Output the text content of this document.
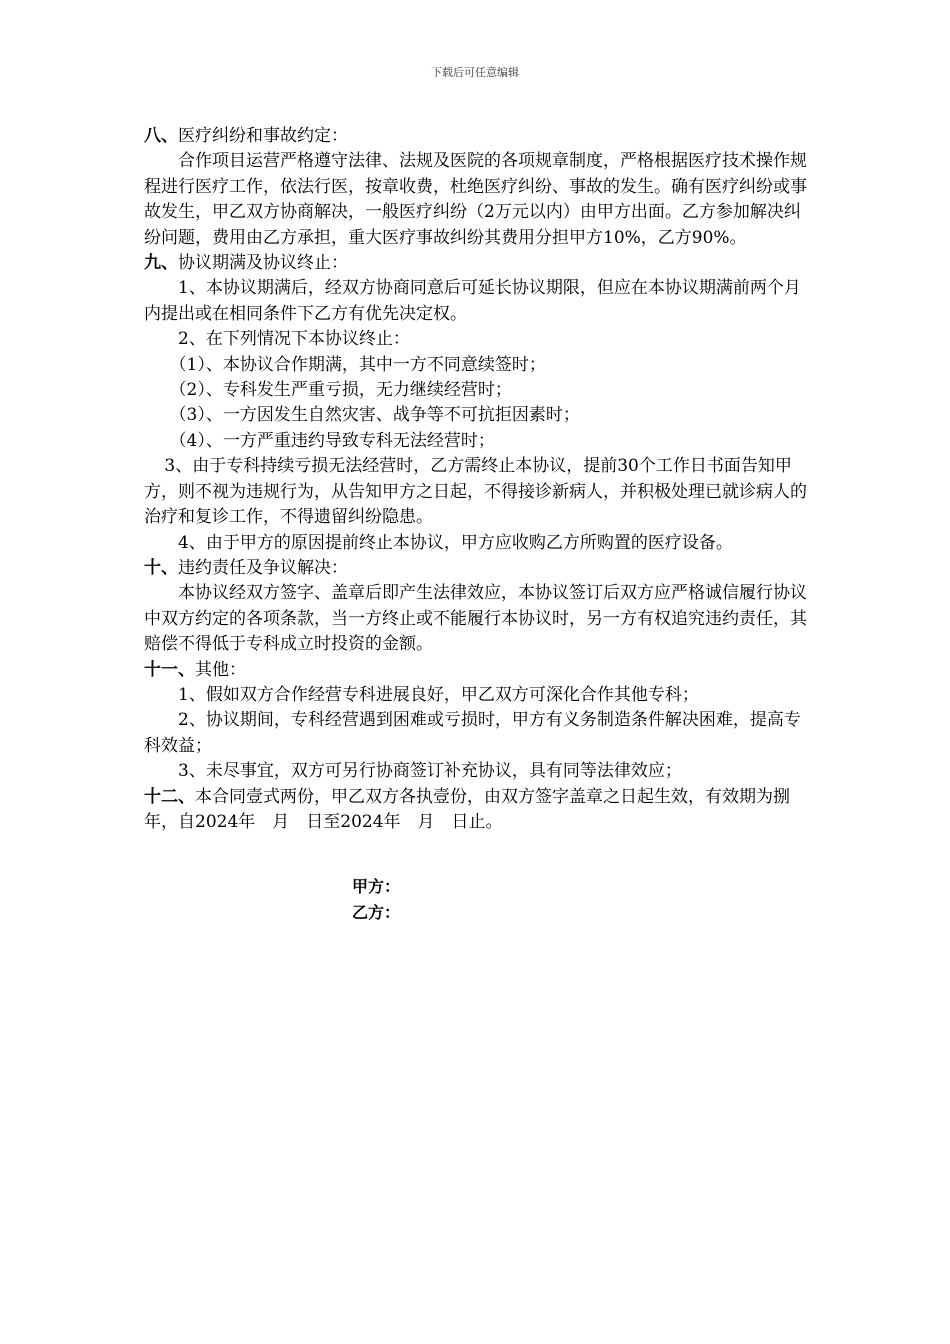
下载后可任意编辑

八、医疗纠纷和事故约定：

合作项目运营严格遵守法律、法规及医院的各项规章制度，严格根据医疗技术操作规程进行医疗工作，依法行医，按章收费，杜绝医疗纠纷、事故的发生。确有医疗纠纷或事故发生，甲乙双方协商解决，一般医疗纠纷（2万元以内）由甲方出面。乙方参加解决纠纷问题，费用由乙方承担，重大医疗事故纠纷其费用分担甲方10%，乙方90%。

九、协议期满及协议终止：

1、本协议期满后，经双方协商同意后可延长协议期限，但应在本协议期满前两个月内提出或在相同条件下乙方有优先决定权。

2、在下列情况下本协议终止：

（1）、本协议合作期满，其中一方不同意续签时；

（2）、专科发生严重亏损，无力继续经营时；

（3）、一方因发生自然灾害、战争等不可抗拒因素时；

（4）、一方严重违约导致专科无法经营时；

3、由于专科持续亏损无法经营时，乙方需终止本协议，提前30个工作日书面告知甲方，则不视为违规行为，从告知甲方之日起，不得接诊新病人，并积极处理已就诊病人的治疗和复诊工作，不得遗留纠纷隐患。

4、由于甲方的原因提前终止本协议，甲方应收购乙方所购置的医疗设备。

十、违约责任及争议解决：

本协议经双方签字、盖章后即产生法律效应，本协议签订后双方应严格诚信履行协议中双方约定的各项条款，当一方终止或不能履行本协议时，另一方有权追究违约责任，其赔偿不得低于专科成立时投资的金额。

十一、其他：

1、假如双方合作经营专科进展良好，甲乙双方可深化合作其他专科；

2、协议期间，专科经营遇到困难或亏损时，甲方有义务制造条件解决困难，提高专科效益；

3、未尽事宜，双方可另行协商签订补充协议，具有同等法律效应；

十二、本合同壹式两份，甲乙双方各执壹份，由双方签字盖章之日起生效，有效期为捌年，自2024年　月　日至2024年　月　日止。

甲方：
乙方：
